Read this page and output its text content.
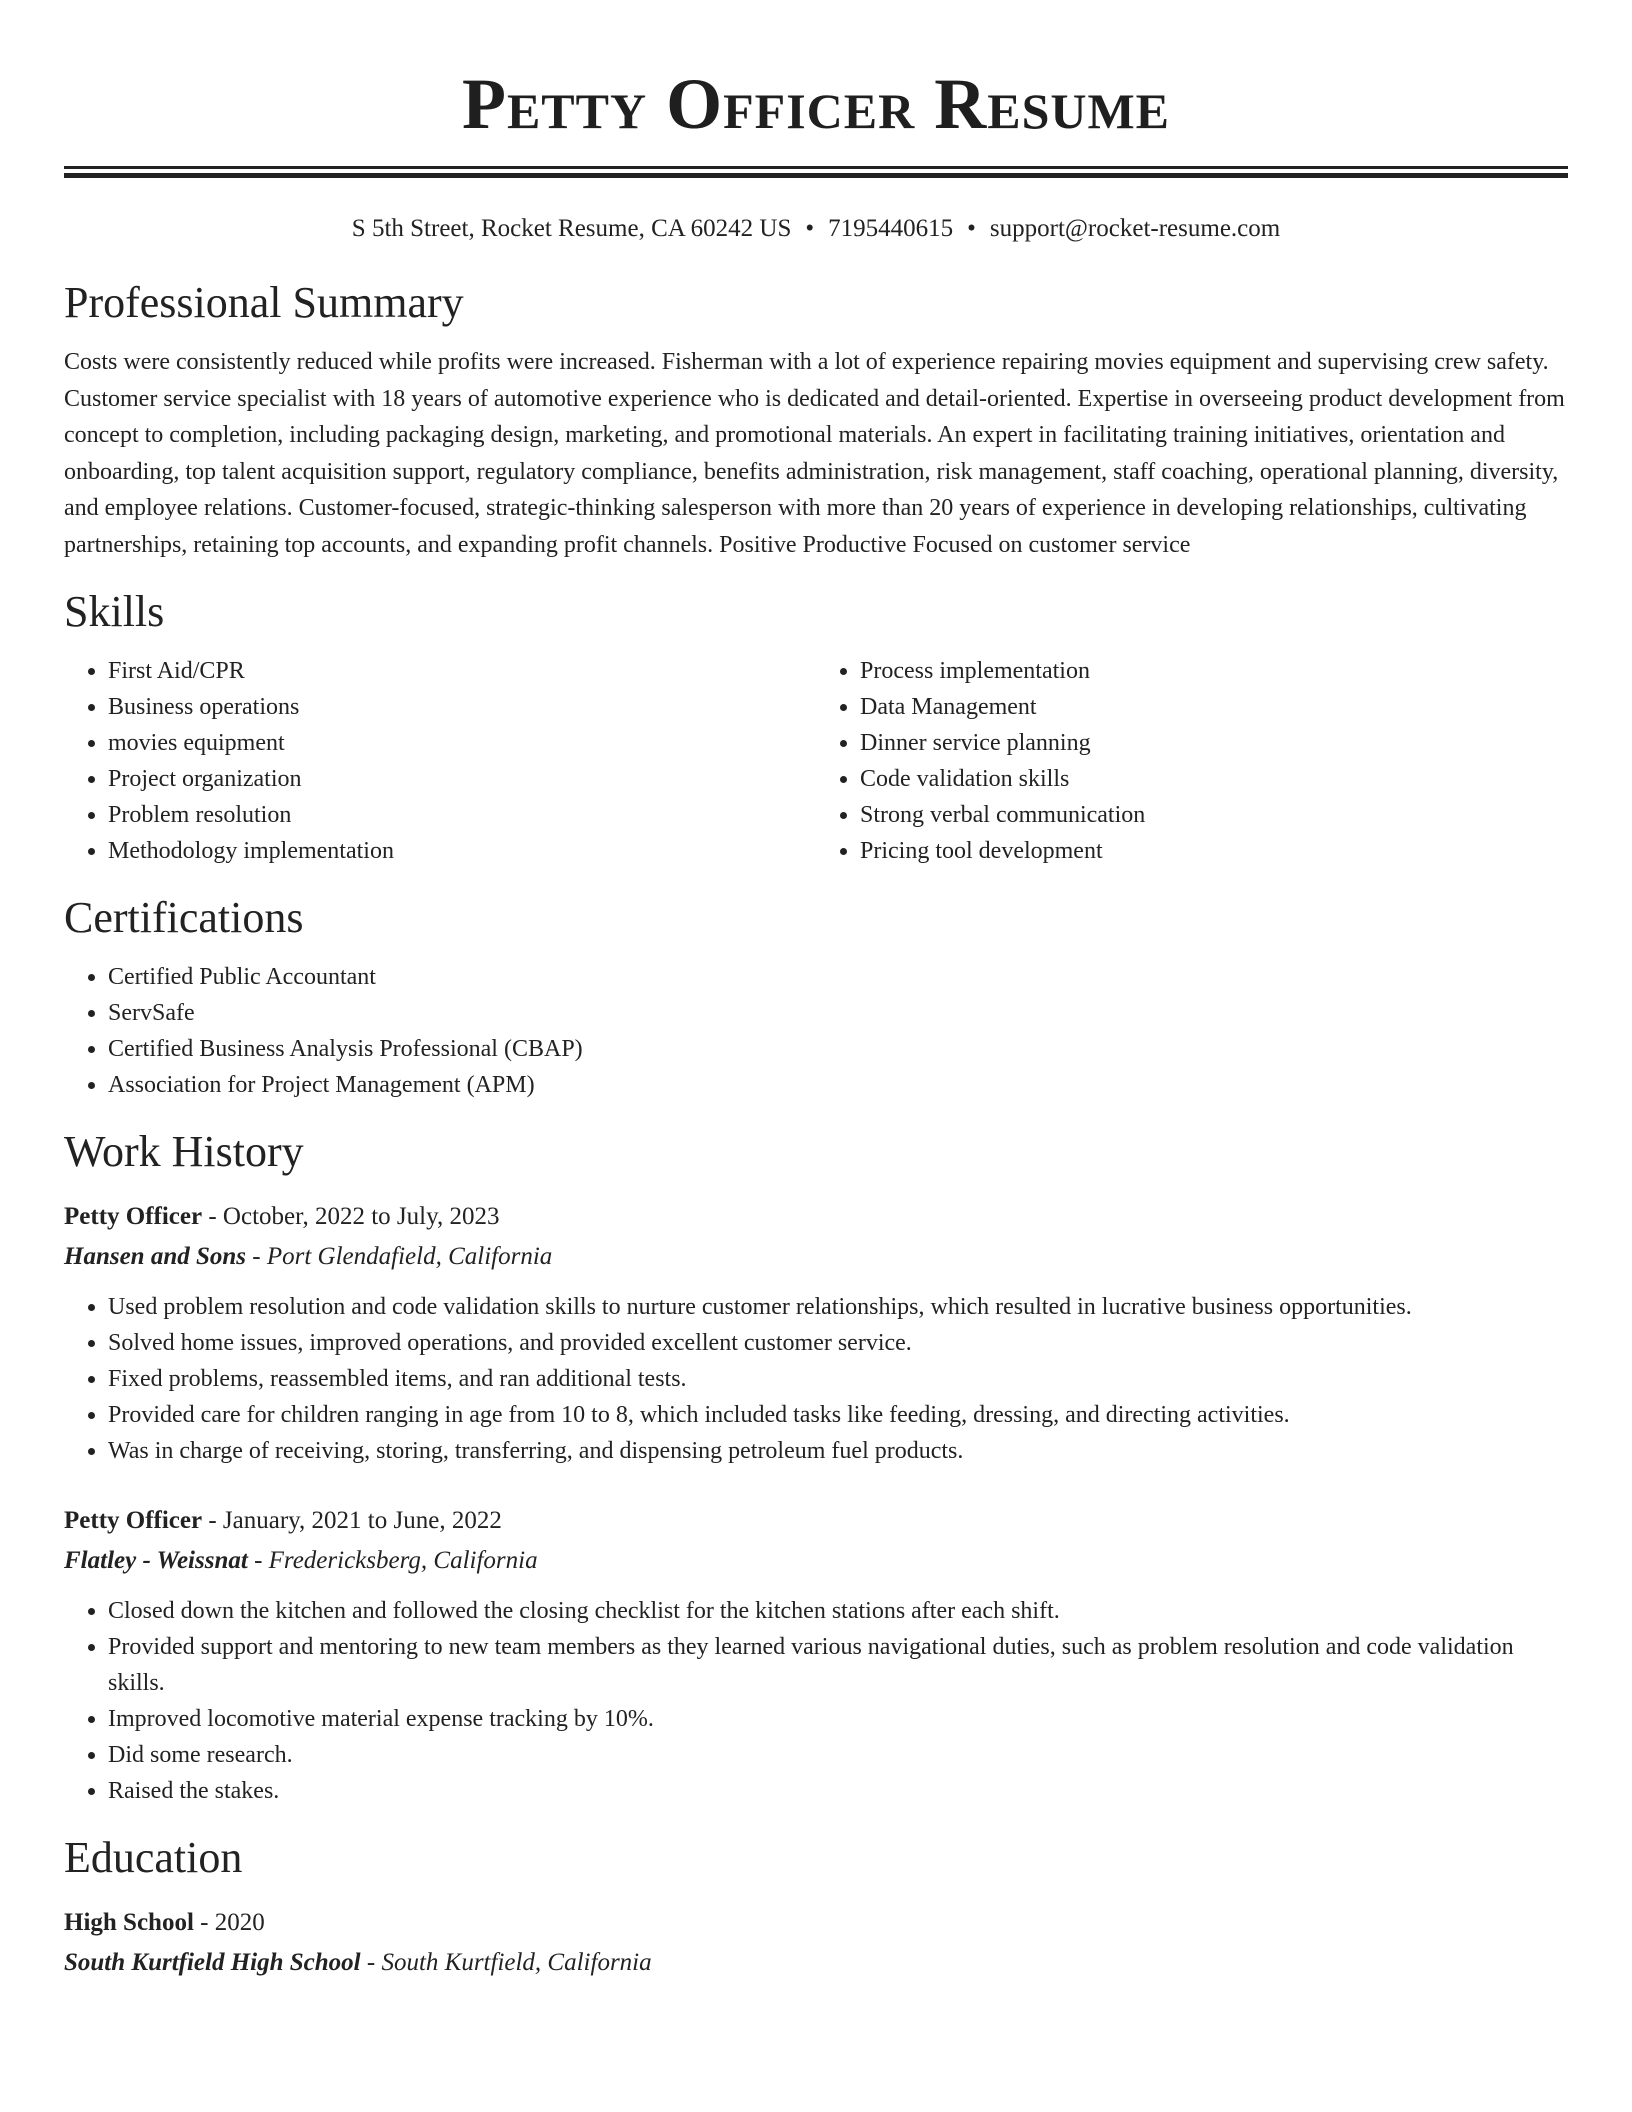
Petty Officer Resume
S 5th Street, Rocket Resume, CA 60242 US • 7195440615 • support@rocket-resume.com
Professional Summary
Costs were consistently reduced while profits were increased. Fisherman with a lot of experience repairing movies equipment and supervising crew safety. Customer service specialist with 18 years of automotive experience who is dedicated and detail-oriented. Expertise in overseeing product development from concept to completion, including packaging design, marketing, and promotional materials. An expert in facilitating training initiatives, orientation and onboarding, top talent acquisition support, regulatory compliance, benefits administration, risk management, staff coaching, operational planning, diversity, and employee relations. Customer-focused, strategic-thinking salesperson with more than 20 years of experience in developing relationships, cultivating partnerships, retaining top accounts, and expanding profit channels. Positive Productive Focused on customer service
Skills
• First Aid/CPR
• Business operations
• movies equipment
• Project organization
• Problem resolution
• Methodology implementation
• Process implementation
• Data Management
• Dinner service planning
• Code validation skills
• Strong verbal communication
• Pricing tool development
Certifications
• Certified Public Accountant
• ServSafe
• Certified Business Analysis Professional (CBAP)
• Association for Project Management (APM)
Work History
Petty Officer - October, 2022 to July, 2023
Hansen and Sons - Port Glendafield, California
• Used problem resolution and code validation skills to nurture customer relationships, which resulted in lucrative business opportunities.
• Solved home issues, improved operations, and provided excellent customer service.
• Fixed problems, reassembled items, and ran additional tests.
• Provided care for children ranging in age from 10 to 8, which included tasks like feeding, dressing, and directing activities.
• Was in charge of receiving, storing, transferring, and dispensing petroleum fuel products.
Petty Officer - January, 2021 to June, 2022
Flatley - Weissnat - Fredericksberg, California
• Closed down the kitchen and followed the closing checklist for the kitchen stations after each shift.
• Provided support and mentoring to new team members as they learned various navigational duties, such as problem resolution and code validation skills.
• Improved locomotive material expense tracking by 10%.
• Did some research.
• Raised the stakes.
Education
High School - 2020
South Kurtfield High School - South Kurtfield, California
